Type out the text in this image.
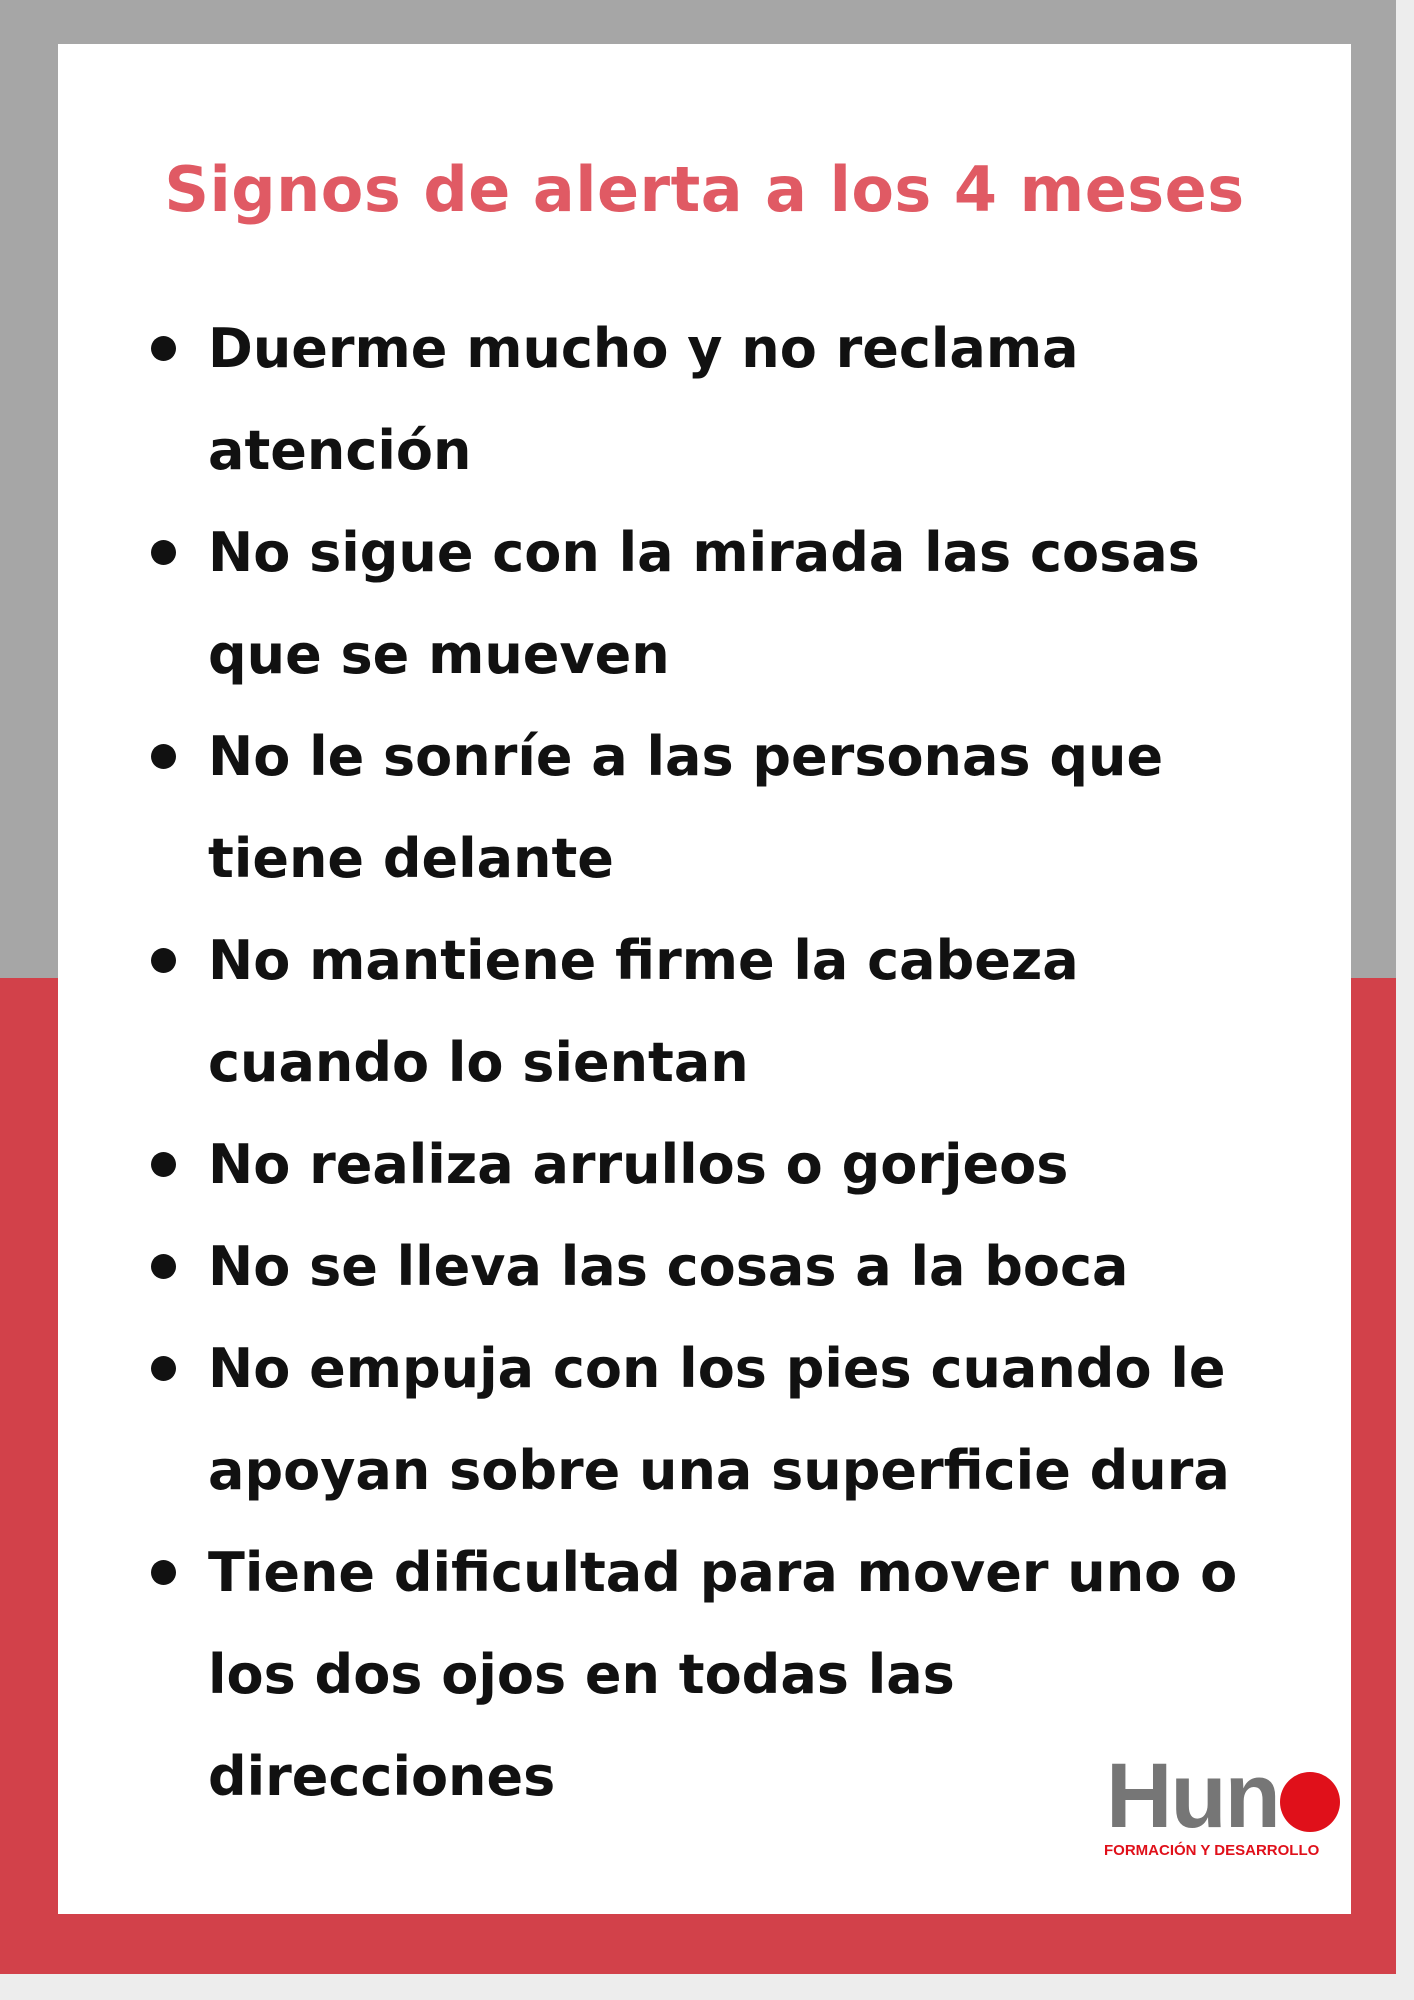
Signos de alerta a los 4 meses
Duerme mucho y no reclama atención
No sigue con la mirada las cosas que se mueven
No le sonríe a las personas que tiene delante
No mantiene firme la cabeza cuando lo sientan
No realiza arrullos o gorjeos
No se lleva las cosas a la boca
No empuja con los pies cuando le apoyan sobre una superficie dura
Tiene dificultad para mover uno o los dos ojos en todas las direcciones	Hun
FORMACIÓN Y DESARROLLO
